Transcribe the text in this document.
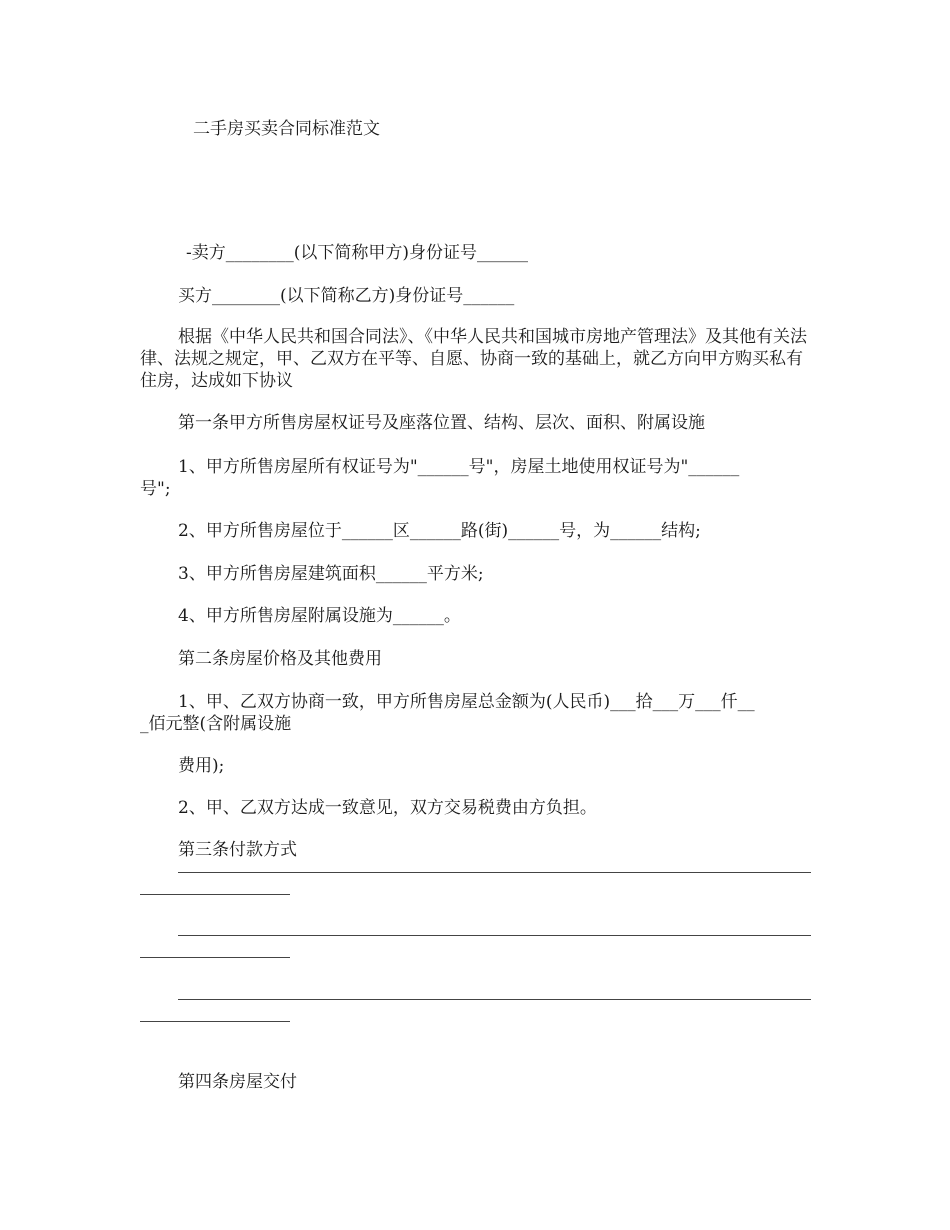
二手房买卖合同标准范文
-卖方________(以下简称甲方)身份证号______
买方________(以下简称乙方)身份证号______
根据《中华人民共和国合同法》、《中华人民共和国城市房地产管理法》及其他有关法律、法规之规定，甲、乙双方在平等、自愿、协商一致的基础上，就乙方向甲方购买私有住房，达成如下协议
第一条甲方所售房屋权证号及座落位置、结构、层次、面积、附属设施
1、甲方所售房屋所有权证号为"______号"，房屋土地使用权证号为"______
号";
2、甲方所售房屋位于______区______路(街)______号，为______结构;
3、甲方所售房屋建筑面积______平方米;
4、甲方所售房屋附属设施为______。
第二条房屋价格及其他费用
1、甲、乙双方协商一致，甲方所售房屋总金额为(人民币)___拾___万___仟__
_佰元整(含附属设施
费用);
2、甲、乙双方达成一致意见，双方交易税费由方负担。
第三条付款方式
第四条房屋交付
